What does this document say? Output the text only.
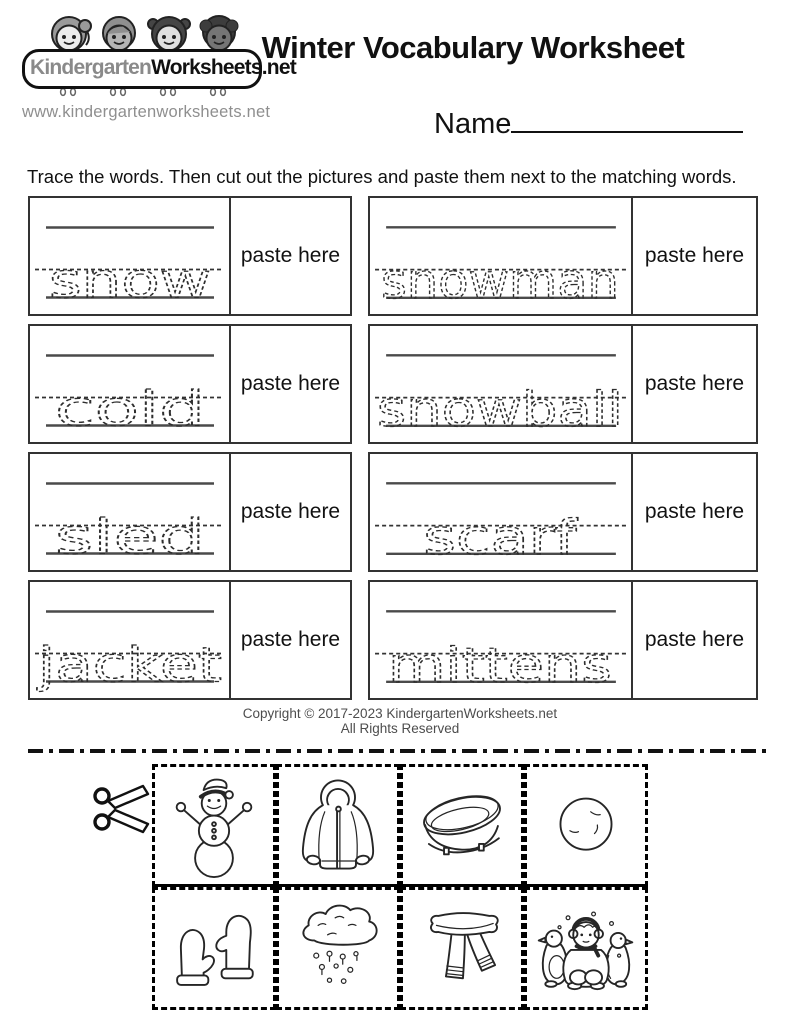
KindergartenWorksheets.net
www.kindergartenworksheets.net
Winter Vocabulary Worksheet
Name
Trace the words. Then cut out the pictures and paste them next to the matching words.
snow	paste here snowman	paste here
cold	paste here snowball	paste here
sled	paste here scarf	paste here
jacket paste here mittens	paste here
Copyright © 2017-2023 KindergartenWorksheets.net
All Rights Reserved
